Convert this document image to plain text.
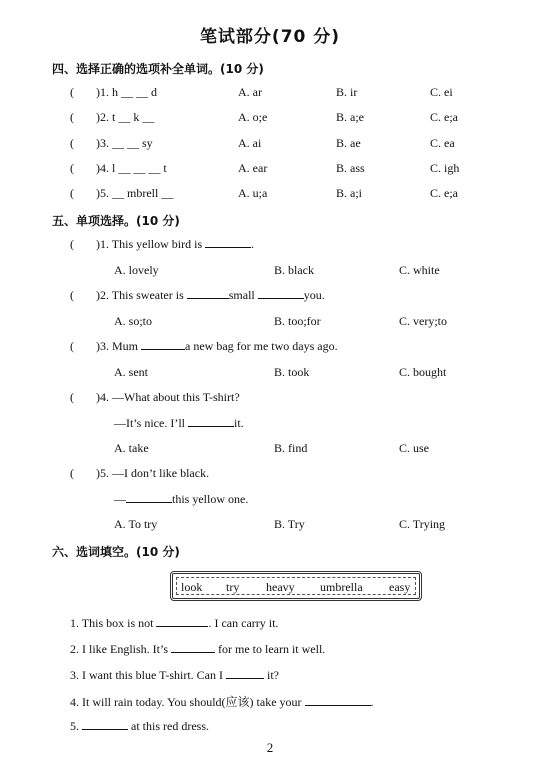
笔试部分(70 分)
四、选择正确的选项补全单词。(10 分)
( )1. h __ __ d	A. ar	B. ir	C. ei
( )2. t __ k __	A. o;e	B. a;e	C. e;a
( )3. __ __ sy	A. ai	B. ae	C. ea
( )4. l __ __ __ t	A. ear	B. ass	C. igh
( )5. __ mbrell __	A. u;a	B. a;i	C. e;a
五、单项选择。(10 分)
( )1. This yellow bird is	.
A. lovely	B. black	C. white
( )2. This sweater is	small	you.
A. so;to	B. too;for	C. very;to
( )3. Mum	a new bag for me two days ago.
A. sent	B. took	C. bought
( )4. —What about this T-shirt?
—It’s nice. I’ll	it.
A. take	B. find	C. use
( )5. —I don’t like black.
—	this yellow one.
A. To try	B. Try	C. Trying
六、选词填空。(10 分)
look try heavy umbrella easy
1. This box is not	. I can carry it.
2. I like English. It’s	for me to learn it well.
3. I want this blue T-shirt. Can I	it?
4. It will rain today. You should(应该) take your	.
5.	at this red dress.
2
